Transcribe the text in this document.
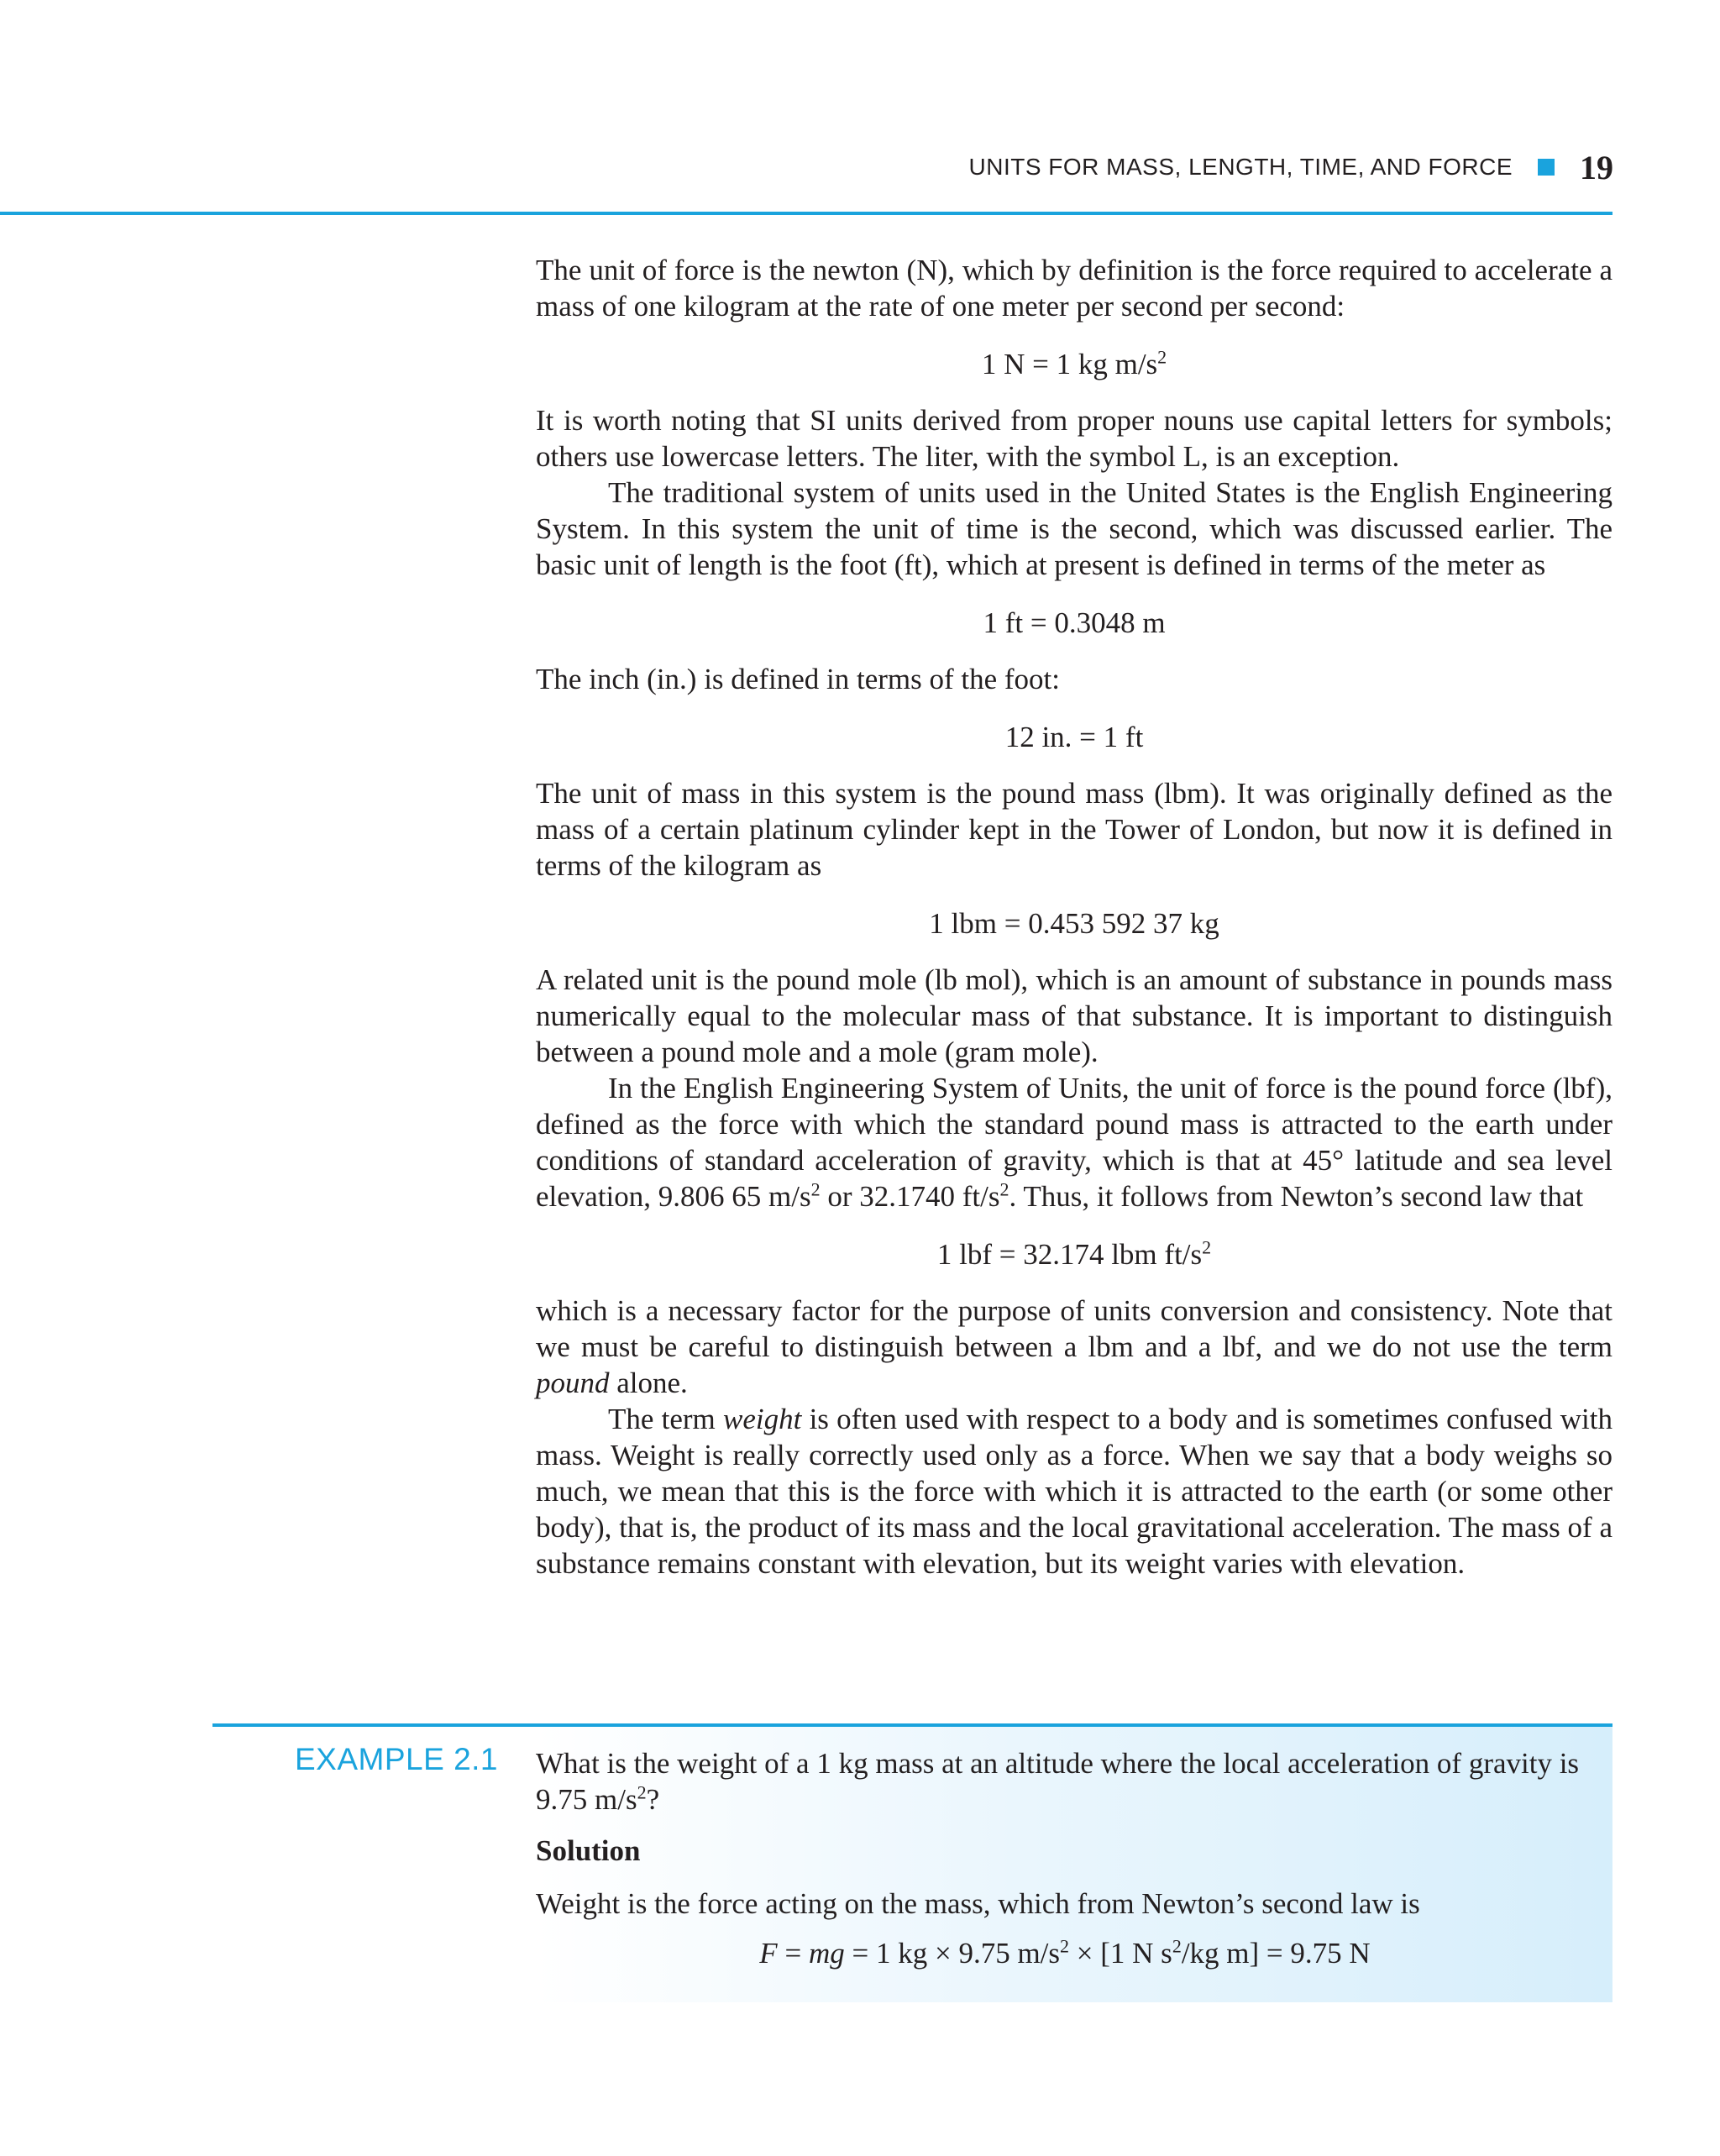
UNITS FOR MASS, LENGTH, TIME, AND FORCE 19

The unit of force is the newton (N), which by definition is the force required to accelerate a mass of one kilogram at the rate of one meter per second per second:

1 N = 1 kg $m/s^2$

It is worth noting that SI units derived from proper nouns use capital letters for symbols; others use lowercase letters. The liter, with the symbol L, is an exception.

The traditional system of units used in the United States is the English Engineering System. In this system the unit of time is the second, which was discussed earlier. The basic unit of length is the foot (ft), which at present is defined in terms of the meter as

1 ft = 0.3048 m

The inch (in.) is defined in terms of the foot:

12 in. = 1 ft

The unit of mass in this system is the pound mass (lbm). It was originally defined as the mass of a certain platinum cylinder kept in the Tower of London, but now it is defined in terms of the kilogram as

1 lbm = 0.453 592 37 kg

A related unit is the pound mole (lb mol), which is an amount of substance in pounds mass numerically equal to the molecular mass of that substance. It is important to distinguish between a pound mole and a mole (gram mole).

In the English Engineering System of Units, the unit of force is the pound force (lbf), defined as the force with which the standard pound mass is attracted to the earth under conditions of standard acceleration of gravity, which is that at 45° latitude and sea level elevation, 9.806 65 $m/s^2$ or 32.1740 $ft/s^2$. Thus, it follows from Newton’s second law that

1 lbf = 32.174 lbm $ft/s^2$

which is a necessary factor for the purpose of units conversion and consistency. Note that we must be careful to distinguish between a lbm and a lbf, and we do not use the term pound alone.

The term weight is often used with respect to a body and is sometimes confused with mass. Weight is really correctly used only as a force. When we say that a body weighs so much, we mean that this is the force with which it is attracted to the earth (or some other body), that is, the product of its mass and the local gravitational acceleration. The mass of a substance remains constant with elevation, but its weight varies with elevation.

EXAMPLE 2.1 What is the weight of a 1 kg mass at an altitude where the local acceleration of gravity is 9.75 $m/s^2$?

Solution

Weight is the force acting on the mass, which from Newton’s second law is

F = mg = 1 kg × 9.75 $m/s^2 \times [1$ N $s^2/kg$ m] = 9.75 N
